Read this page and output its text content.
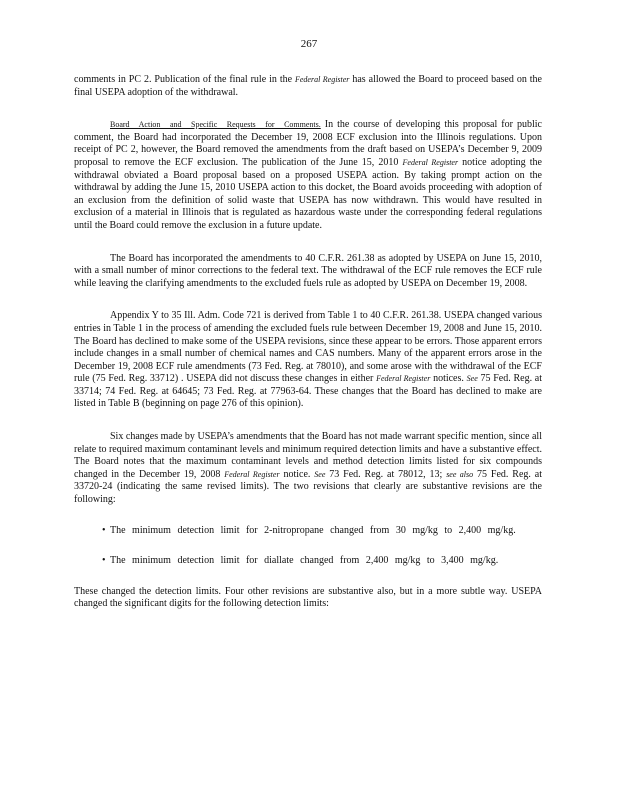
267

comments in PC 2. Publication of the final rule in the Federal Register has allowed the Board to proceed based on the final USEPA adoption of the withdrawal.

Board Action and Specific Requests for Comments. In the course of developing this proposal for public comment, the Board had incorporated the December 19, 2008 ECF exclusion into the Illinois regulations. Upon receipt of PC 2, however, the Board removed the amendments from the draft based on USEPA’s December 9, 2009 proposal to remove the ECF exclusion. The publication of the June 15, 2010 Federal Register notice adopting the withdrawal obviated a Board proposal based on a proposed USEPA action. By taking prompt action on the withdrawal by adding the June 15, 2010 USEPA action to this docket, the Board avoids proceeding with adoption of an exclusion from the definition of solid waste that USEPA has now withdrawn. This would have resulted in exclusion of a material in Illinois that is regulated as hazardous waste under the corresponding federal regulations until the Board could remove the exclusion in a future update.

The Board has incorporated the amendments to 40 C.F.R. 261.38 as adopted by USEPA on June 15, 2010, with a small number of minor corrections to the federal text. The withdrawal of the ECF rule removes the ECF rule while leaving the clarifying amendments to the excluded fuels rule as adopted by USEPA on December 19, 2008.

Appendix Y to 35 Ill. Adm. Code 721 is derived from Table 1 to 40 C.F.R. 261.38. USEPA changed various entries in Table 1 in the process of amending the excluded fuels rule between December 19, 2008 and June 15, 2010. The Board has declined to make some of the USEPA revisions, since these appear to be errors. Those apparent errors include changes in a small number of chemical names and CAS numbers. Many of the apparent errors arose in the December 19, 2008 ECF rule amendments (73 Fed. Reg. at 78010), and some arose with the withdrawal of the ECF rule (75 Fed. Reg. 33712) . USEPA did not discuss these changes in either Federal Register notices. See 75 Fed. Reg. at 33714; 74 Fed. Reg. at 64645; 73 Fed. Reg. at 77963-64. These changes that the Board has declined to make are listed in Table B (beginning on page 276 of this opinion).

Six changes made by USEPA’s amendments that the Board has not made warrant specific mention, since all relate to required maximum contaminant levels and minimum required detection limits and have a substantive effect. The Board notes that the maximum contaminant levels and method detection limits listed for six compounds changed in the December 19, 2008 Federal Register notice. See 73 Fed. Reg. at 78012, 13; see also 75 Fed. Reg. at 33720-24 (indicating the same revised limits). The two revisions that clearly are substantive revisions are the following:

• The minimum detection limit for 2-nitropropane changed from 30 mg/kg to 2,400 mg/kg.
• The minimum detection limit for diallate changed from 2,400 mg/kg to 3,400 mg/kg.

These changed the detection limits. Four other revisions are substantive also, but in a more subtle way. USEPA changed the significant digits for the following detection limits:
